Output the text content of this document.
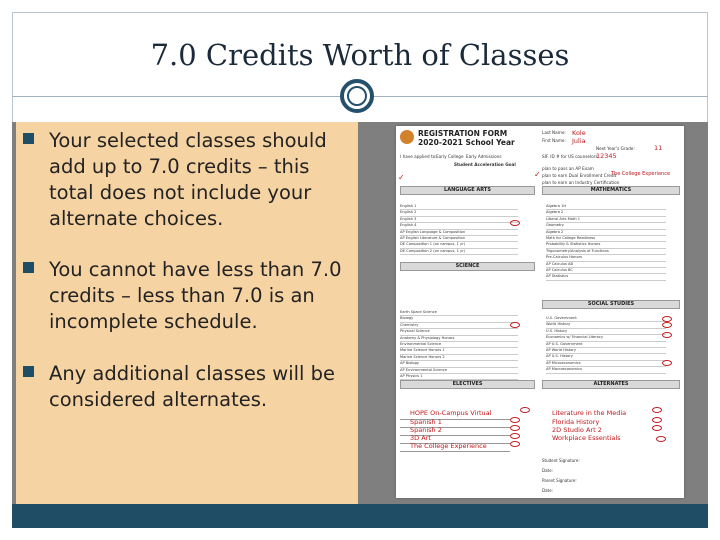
7.0 Credits Worth of Classes
Your selected classes should add up to 7.0 credits – this total does not include your alternate choices.
You cannot have less than 7.0 credits – less than 7.0 is an incomplete schedule.
Any additional classes will be considered alternates.
REGISTRATION FORM
2020-2021 School Year
Last Name:
First Name:
Next Year's Grade:
SIF. ID # for US counselors
I have applied to: Early College Early Admissions
Student Acceleration Goal
plan to pass an AP Exam
plan to earn Dual Enrollment Credit
plan to earn an Industry Certification
Kole
Julia
11
12345
The College Experience
✓
✓
LANGUAGE ARTS	MATHEMATICS
English 1
English 2
English 3
English 4
AP English Language & Composition
AP English Literature & Composition
DE Composition 1 (on campus, 1 yr)
DE Composition 2 (on campus, 1 yr)
Algebra 1H
Algebra 2
Liberal Arts Math 1
Geometry
Algebra 2
Math for College Readiness
Probability & Statistics Honors
Trigonometry/Analysis of Functions
Pre-Calculus Honors
AP Calculus AB
AP Calculus BC
AP Statistics
SCIENCE
Earth Space Science
Biology
Chemistry
Physical Science
Anatomy & Physiology Honors
Environmental Science
Marine Science Honors 1
Marine Science Honors 2
AP Biology
AP Environmental Science
AP Physics 1
SOCIAL STUDIES
U.S. Government
World History
U.S. History
Economics w/ Financial Literacy
AP U.S. Government
AP World History
AP U.S. History
AP Microeconomics
AP Macroeconomics
ELECTIVES	ALTERNATES
HOPE On-Campus Virtual
Spanish 1
Spanish 2
3D Art
The College Experience
Literature in the Media
Florida History
2D Studio Art 2
Workplace Essentials
Student Signature:
Date:
Parent Signature:
Date:
